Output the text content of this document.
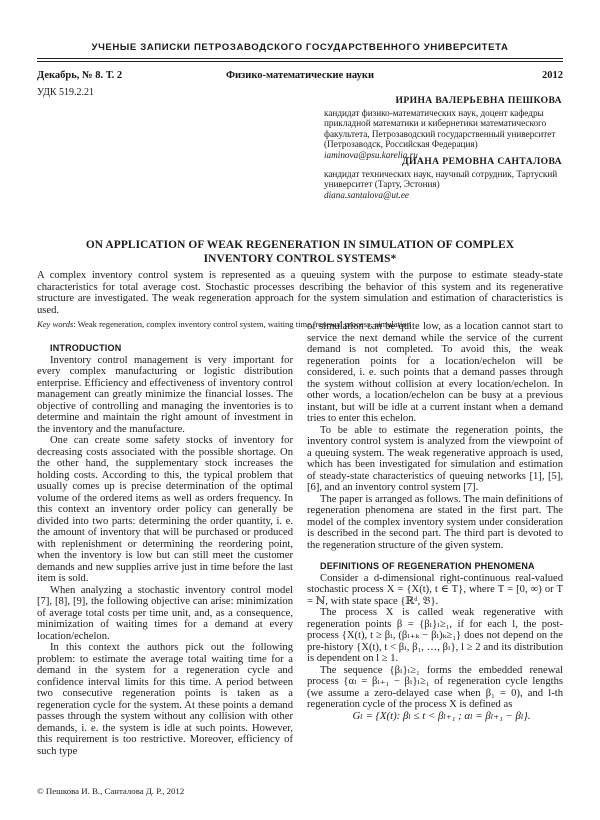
УЧЕНЫЕ ЗАПИСКИ ПЕТРОЗАВОДСКОГО ГОСУДАРСТВЕННОГО УНИВЕРСИТЕТА
Декабрь, № 8. Т. 2	Физико-математические науки	2012
УДК 519.2.21
ИРИНА ВАЛЕРЬЕВНА ПЕШКОВА
кандидат физико-математических наук, доцент кафедры
прикладной математики и кибернетики математического
факультета, Петрозаводский государственный университет (Петрозаводск, Российская Федерация)
iaminova@psu.karelia.ru
ДИАНА РЕМОВНА САНТАЛОВА
кандидат технических наук, научный сотрудник, Тартуский университет (Тарту, Эстония)
diana.santalova@ut.ee
ON APPLICATION OF WEAK REGENERATION IN SIMULATION OF COMPLEX INVENTORY CONTROL SYSTEMS*
A complex inventory control system is represented as a queuing system with the purpose to estimate steady-state characteristics for total average cost. Stochastic processes describing the behavior of this system and its regenerative structure are investigated. The weak regeneration approach for the system simulation and estimation of characteristics is used.
Key words: Weak regeneration, complex inventory control system, waiting time, renewal process, simulation

INTRODUCTION

Inventory control management is very important for every complex manufacturing or logistic distribution enterprise. Efficiency and effectiveness of inventory control management can greatly minimize the financial losses. The objective of controlling and managing the inventories is to determine and maintain the right amount of investment in the inventory and the manufacture.

One can create some safety stocks of inventory for decreasing costs associated with the possible shortage. On the other hand, the supplementary stock increases the holding costs. According to this, the typical problem that usually comes up is precise determination of the optimal volume of the ordered items as well as orders frequency. In this context an inventory order policy can generally be divided into two parts: determining the order quantity, i. e. the amount of inventory that will be purchased or produced with replenishment or determining the reordering point, when the inventory is low but can still meet the customer demands and new supplies arrive just in time before the last item is sold.

When analyzing a stochastic inventory control model [7], [8], [9], the following objective can arise: minimization of average total costs per time unit, and, as a consequence, minimization of waiting times for a demand at every location/echelon.

In this context the authors pick out the following problem: to estimate the average total waiting time for a demand in the system for a regeneration cycle and confidence interval limits for this time. A period between two consecutive regeneration points is taken as a regeneration cycle for the system. At these points a demand passes through the system without any collision with other demands, i. e. the system is idle at such points. However, this requirement is too restrictive. Moreover, efficiency of such type

of simulation can be quite low, as a location cannot start to service the next demand while the service of the current demand is not completed. To avoid this, the weak regeneration points for a location/echelon will be considered, i. e. such points that a demand passes through the system without collision at every location/echelon. In other words, a location/echelon can be busy at a previous instant, but will be idle at a current instant when a demand tries to enter this echelon.

To be able to estimate the regeneration points, the inventory control system is analyzed from the viewpoint of a queuing system. The weak regenerative approach is used, which has been investigated for simulation and estimation of steady-state characteristics of queuing networks [1], [5], [6], and an inventory control system [7].

The paper is arranged as follows. The main definitions of regeneration phenomena are stated in the first part. The model of the complex inventory system under consideration is described in the second part. The third part is devoted to the regeneration structure of the given system.

DEFINITIONS OF REGENERATION PHENOMENA

Consider a d-dimensional right-continuous real-valued stochastic process X = {X(t), t ∈ T}, where T = [0, ∞) or T = ℕ, with state space {ℝᵈ, 𝔅}.

The process X is called weak regenerative with regeneration points β = {βₗ}ₗ≥₁, if for each l, the post-process {X(t), t ≥ βₗ, (βₗ₊ₖ − βₗ)ₖ≥₁} does not depend on the pre-history {X(t), t < βₗ, β₁, …, βₗ}, l ≥ 2 and its distribution is dependent on l ≥ 1.

The sequence {βₗ}ₗ≥₁ forms the embedded renewal process {αₗ = βₗ₊₁ − βₗ}ₗ≥₁ of regeneration cycle lengths (we assume a zero-delayed case when β₁ = 0), and l-th regeneration cycle of the process X is defined as

Gₗ = {X(t): βₗ ≤ t < βₗ₊₁ ; αₗ = βₗ₊₁ − βₗ}.

© Пешкова И. В., Санталова Д. Р., 2012
